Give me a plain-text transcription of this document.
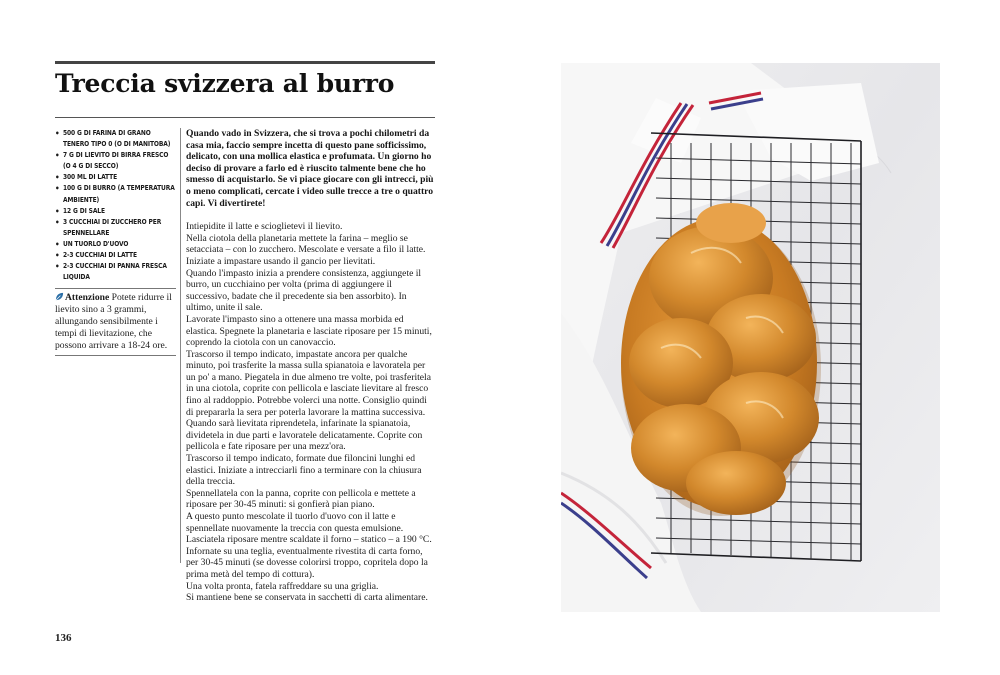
Treccia svizzera al burro
• 500 G DI FARINA DI GRANO TENERO TIPO 0 (O DI MANITOBA)
• 7 G DI LIEVITO DI BIRRA FRESCO (O 4 G DI SECCO)
• 300 ML DI LATTE
• 100 G DI BURRO (A TEMPERATURA AMBIENTE)
• 12 G DI SALE
• 3 CUCCHIAI DI ZUCCHERO PER SPENNELLARE
• UN TUORLO D'UOVO
• 2-3 CUCCHIAI DI LATTE
• 2-3 CUCCHIAI DI PANNA FRESCA LIQUIDA
Attenzione Potete ridurre il lievito sino a 3 grammi, allungando sensibilmente i tempi di lievitazione, che possono arrivare a 18-24 ore.

Quando vado in Svizzera, che si trova a pochi chilometri da casa mia, faccio sempre incetta di questo pane sofficissimo, delicato, con una mollica elastica e profumata. Un giorno ho deciso di provare a farlo ed è riuscito talmente bene che ho smesso di acquistarlo. Se vi piace giocare con gli intrecci, più o meno complicati, cercate i video sulle trecce a tre o quattro capi. Vi divertirete!

Intiepidite il latte e scioglietevi il lievito.
Nella ciotola della planetaria mettete la farina – meglio se setacciata – con lo zucchero. Mescolate e versate a filo il latte. Iniziate a impastare usando il gancio per lievitati.
Quando l'impasto inizia a prendere consistenza, aggiungete il burro, un cucchiaino per volta (prima di aggiungere il successivo, badate che il precedente sia ben assorbito). In ultimo, unite il sale.
Lavorate l'impasto sino a ottenere una massa morbida ed elastica. Spegnete la planetaria e lasciate riposare per 15 minuti, coprendo la ciotola con un canovaccio.
Trascorso il tempo indicato, impastate ancora per qualche minuto, poi trasferite la massa sulla spianatoia e lavoratela per un po' a mano. Piegatela in due almeno tre volte, poi trasferitela in una ciotola, coprite con pellicola e lasciate lievitare al fresco fino al raddoppio. Potrebbe volerci una notte. Consiglio quindi di prepararla la sera per poterla lavorare la mattina successiva.
Quando sarà lievitata riprendetela, infarinate la spianatoia, dividetela in due parti e lavoratele delicatamente. Coprite con pellicola e fate riposare per una mezz'ora.
Trascorso il tempo indicato, formate due filoncini lunghi ed elastici. Iniziate a intrecciarli fino a terminare con la chiusura della treccia.
Spennellatela con la panna, coprite con pellicola e mettete a riposare per 30-45 minuti: si gonfierà pian piano.
A questo punto mescolate il tuorlo d'uovo con il latte e spennellate nuovamente la treccia con questa emulsione.
Lasciatela riposare mentre scaldate il forno – statico – a 190 °C.
Infornate su una teglia, eventualmente rivestita di carta forno, per 30-45 minuti (se dovesse colorirsi troppo, copritela dopo la prima metà del tempo di cottura).
Una volta pronta, fatela raffreddare su una griglia.
Si mantiene bene se conservata in sacchetti di carta alimentare.
136
